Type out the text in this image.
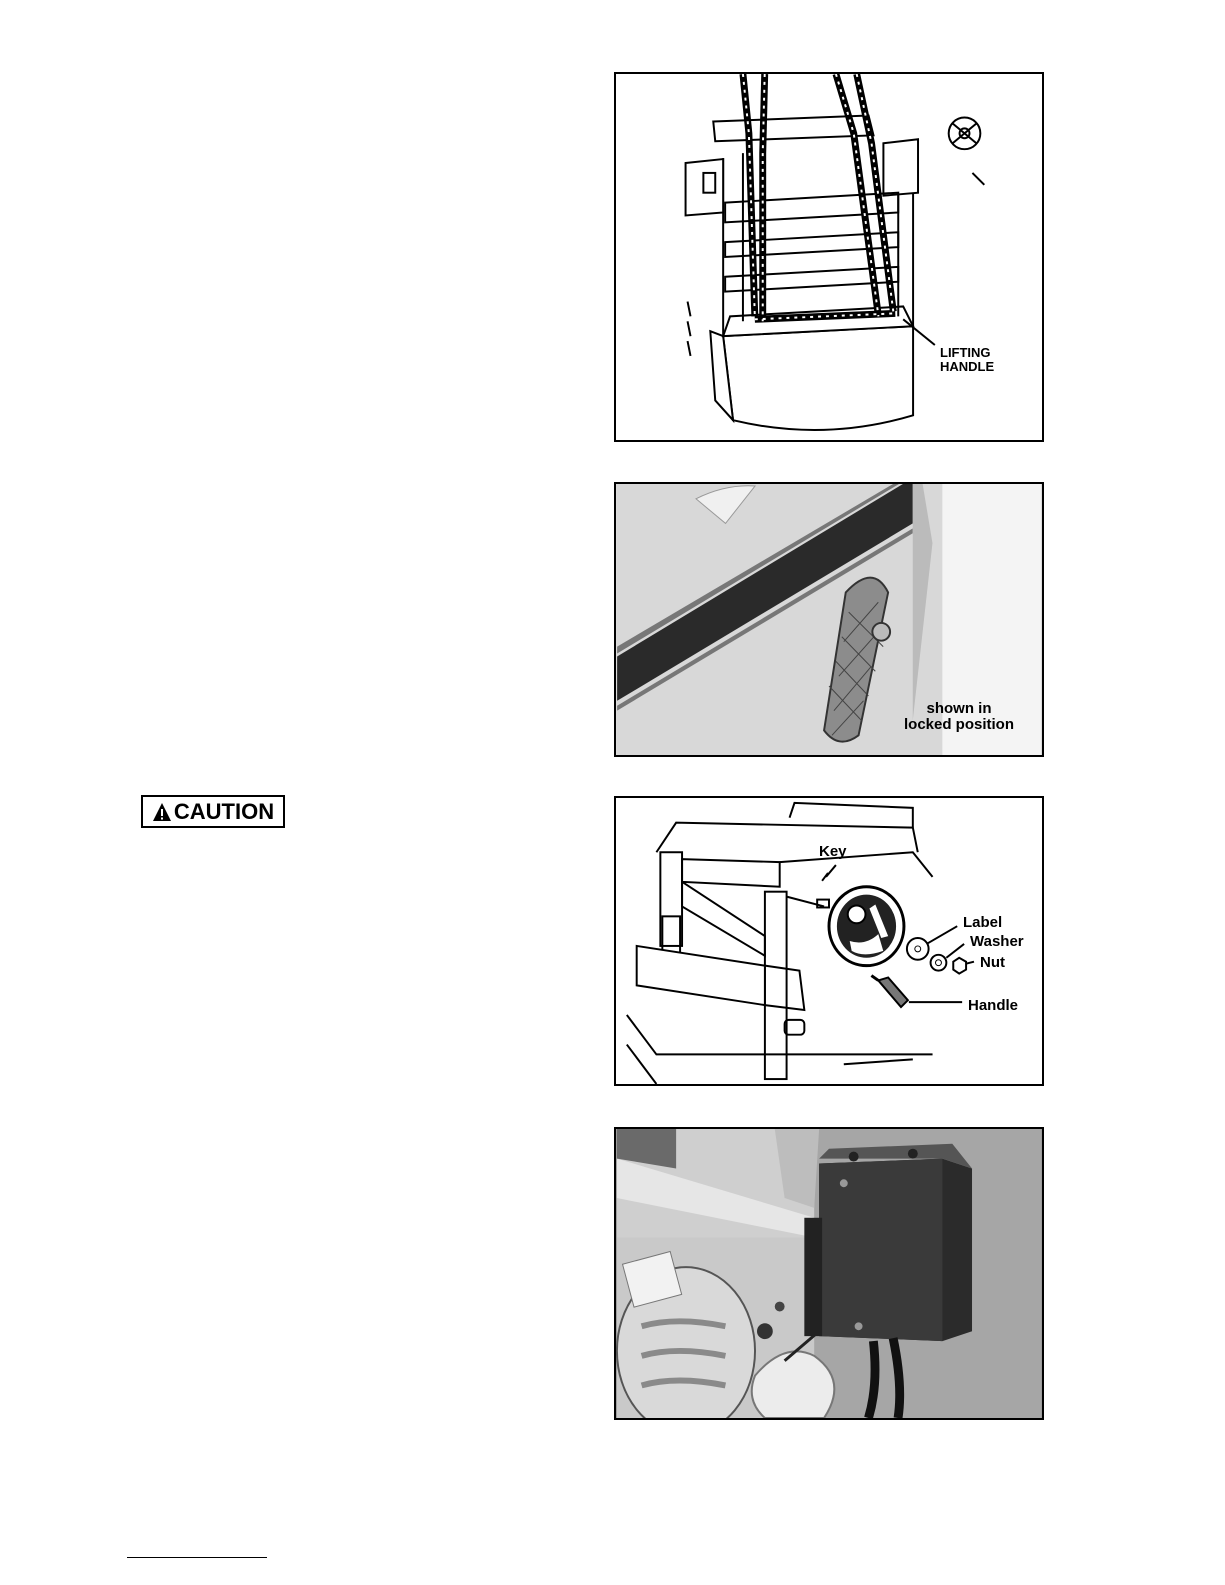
LIFTING
HANDLE
shown in
locked position
CAUTION
Key
Label
Washer
Nut
Handle
